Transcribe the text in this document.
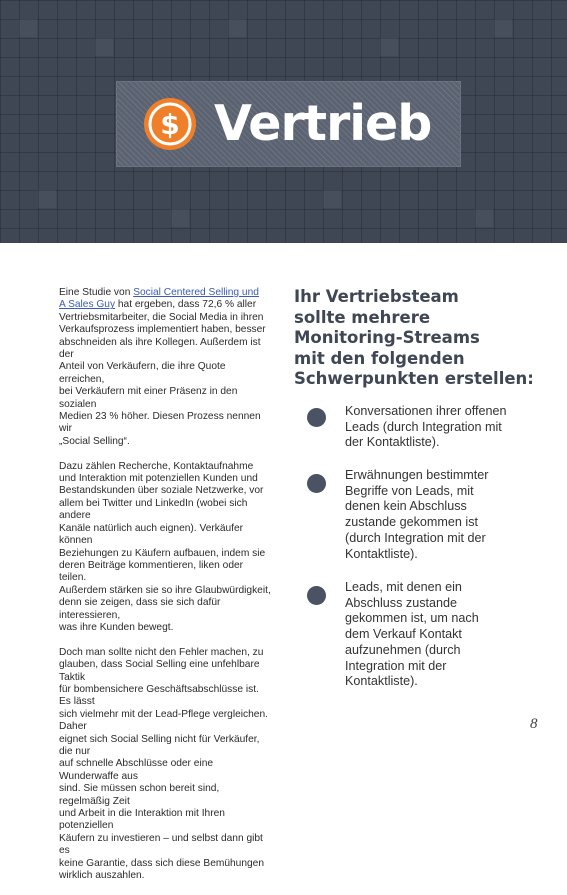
$ Vertrieb

Eine Studie von Social Centered Selling und
A Sales Guy hat ergeben, dass 72,6 % aller
Vertriebsmitarbeiter, die Social Media in ihren
Verkaufsprozess implementiert haben, besser
abschneiden als ihre Kollegen. Außerdem ist der
Anteil von Verkäufern, die ihre Quote erreichen,
bei Verkäufern mit einer Präsenz in den sozialen
Medien 23 % höher. Diesen Prozess nennen wir
„Social Selling“.

Dazu zählen Recherche, Kontaktaufnahme
und Interaktion mit potenziellen Kunden und
Bestandskunden über soziale Netzwerke, vor
allem bei Twitter und LinkedIn (wobei sich andere
Kanäle natürlich auch eignen). Verkäufer können
Beziehungen zu Käufern aufbauen, indem sie
deren Beiträge kommentieren, liken oder teilen.
Außerdem stärken sie so ihre Glaubwürdigkeit,
denn sie zeigen, dass sie sich dafür interessieren,
was ihre Kunden bewegt.

Doch man sollte nicht den Fehler machen, zu
glauben, dass Social Selling eine unfehlbare Taktik
für bombensichere Geschäftsabschlüsse ist. Es lässt
sich vielmehr mit der Lead-Pflege vergleichen. Daher
eignet sich Social Selling nicht für Verkäufer, die nur
auf schnelle Abschlüsse oder eine Wunderwaffe aus
sind. Sie müssen schon bereit sind, regelmäßig Zeit
und Arbeit in die Interaktion mit Ihren potenziellen
Käufern zu investieren – und selbst dann gibt es
keine Garantie, dass sich diese Bemühungen
wirklich auszahlen.

Ihr Vertriebsteam
sollte mehrere
Monitoring-Streams
mit den folgenden
Schwerpunkten erstellen:
Konversationen ihrer offenen
Leads (durch Integration mit
der Kontaktliste).
Erwähnungen bestimmter
Begriffe von Leads, mit
denen kein Abschluss
zustande gekommen ist
(durch Integration mit der
Kontaktliste).
Leads, mit denen ein
Abschluss zustande
gekommen ist, um nach
dem Verkauf Kontakt
aufzunehmen (durch
Integration mit der
Kontaktliste).
8
